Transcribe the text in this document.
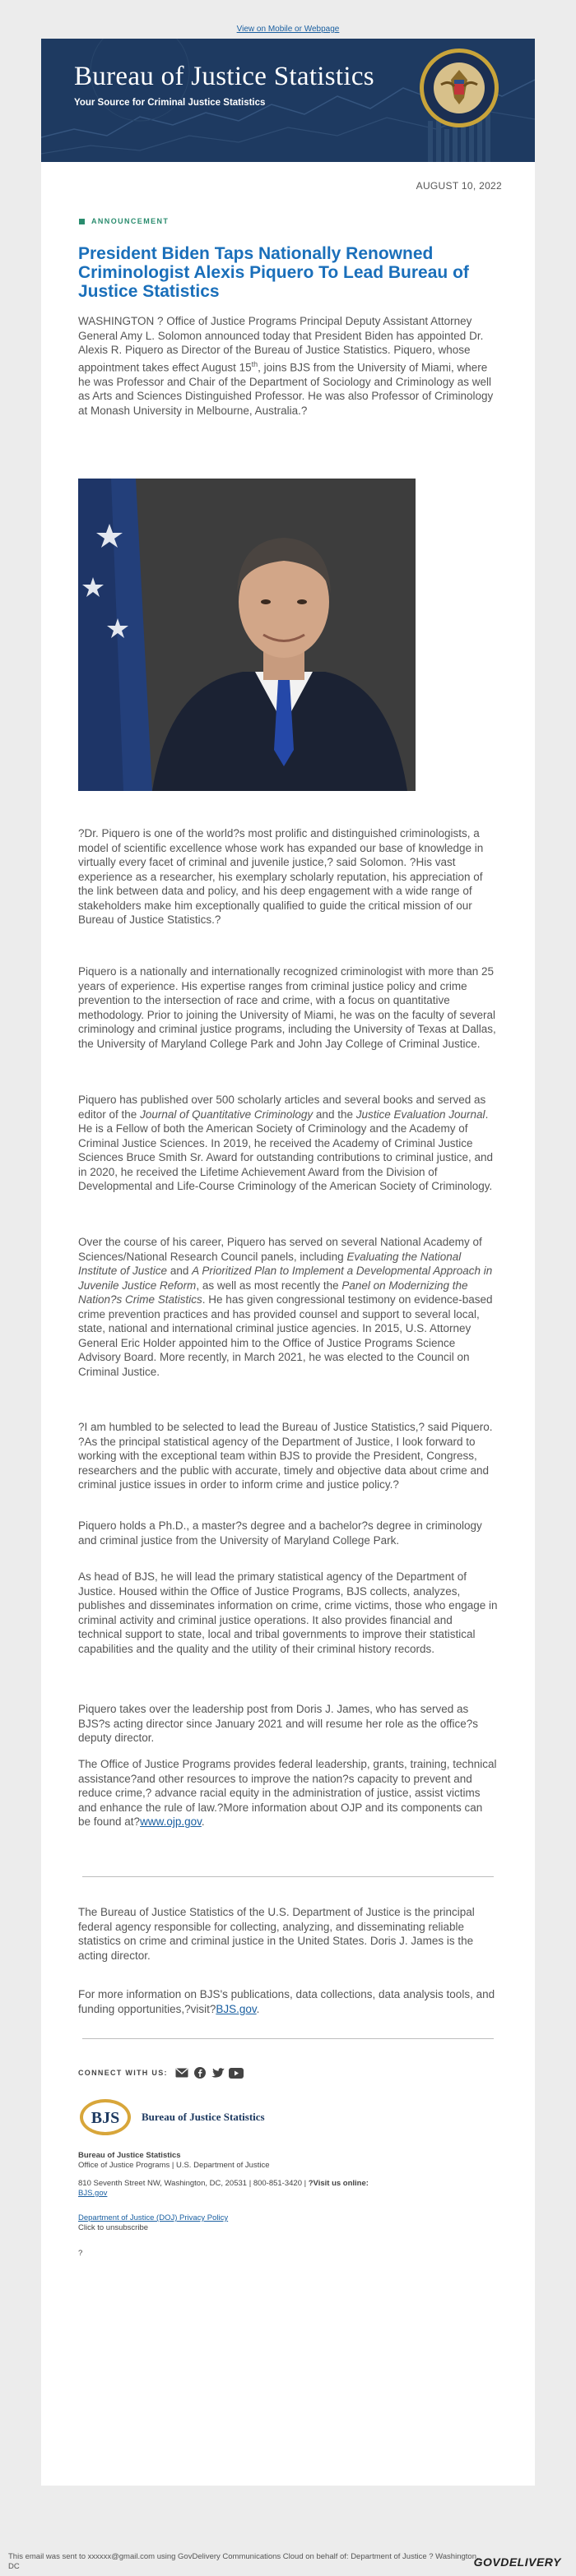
View on Mobile or Webpage
Bureau of Justice Statistics
Your Source for Criminal Justice Statistics
AUGUST 10, 2022
ANNOUNCEMENT
President Biden Taps Nationally Renowned Criminologist Alexis Piquero To Lead Bureau of Justice Statistics

WASHINGTON ? Office of Justice Programs Principal Deputy Assistant Attorney General Amy L. Solomon announced today that President Biden has appointed Dr. Alexis R. Piquero as Director of the Bureau of Justice Statistics. Piquero, whose appointment takes effect August 15th, joins BJS from the University of Miami, where he was Professor and Chair of the Department of Sociology and Criminology as well as Arts and Sciences Distinguished Professor. He was also Professor of Criminology at Monash University in Melbourne, Australia.?

?Dr. Piquero is one of the world?s most prolific and distinguished criminologists, a model of scientific excellence whose work has expanded our base of knowledge in virtually every facet of criminal and juvenile justice,? said Solomon. ?His vast experience as a researcher, his exemplary scholarly reputation, his appreciation of the link between data and policy, and his deep engagement with a wide range of stakeholders make him exceptionally qualified to guide the critical mission of our Bureau of Justice Statistics.?

Piquero is a nationally and internationally recognized criminologist with more than 25 years of experience. His expertise ranges from criminal justice policy and crime prevention to the intersection of race and crime, with a focus on quantitative methodology. Prior to joining the University of Miami, he was on the faculty of several criminology and criminal justice programs, including the University of Texas at Dallas, the University of Maryland College Park and John Jay College of Criminal Justice.

Piquero has published over 500 scholarly articles and several books and served as editor of the Journal of Quantitative Criminology and the Justice Evaluation Journal. He is a Fellow of both the American Society of Criminology and the Academy of Criminal Justice Sciences. In 2019, he received the Academy of Criminal Justice Sciences Bruce Smith Sr. Award for outstanding contributions to criminal justice, and in 2020, he received the Lifetime Achievement Award from the Division of Developmental and Life-Course Criminology of the American Society of Criminology.

Over the course of his career, Piquero has served on several National Academy of Sciences/National Research Council panels, including Evaluating the National Institute of Justice and A Prioritized Plan to Implement a Developmental Approach in Juvenile Justice Reform, as well as most recently the Panel on Modernizing the Nation?s Crime Statistics. He has given congressional testimony on evidence-based crime prevention practices and has provided counsel and support to several local, state, national and international criminal justice agencies. In 2015, U.S. Attorney General Eric Holder appointed him to the Office of Justice Programs Science Advisory Board. More recently, in March 2021, he was elected to the Council on Criminal Justice.

?I am humbled to be selected to lead the Bureau of Justice Statistics,? said Piquero. ?As the principal statistical agency of the Department of Justice, I look forward to working with the exceptional team within BJS to provide the President, Congress, researchers and the public with accurate, timely and objective data about crime and criminal justice issues in order to inform crime and justice policy.?

Piquero holds a Ph.D., a master?s degree and a bachelor?s degree in criminology and criminal justice from the University of Maryland College Park.

As head of BJS, he will lead the primary statistical agency of the Department of Justice. Housed within the Office of Justice Programs, BJS collects, analyzes, publishes and disseminates information on crime, crime victims, those who engage in criminal activity and criminal justice operations. It also provides financial and technical support to state, local and tribal governments to improve their statistical capabilities and the quality and the utility of their criminal history records.

Piquero takes over the leadership post from Doris J. James, who has served as BJS?s acting director since January 2021 and will resume her role as the office?s deputy director.

The Office of Justice Programs provides federal leadership, grants, training, technical assistance?and other resources to improve the nation?s capacity to prevent and reduce crime,? advance racial equity in the administration of justice, assist victims and enhance the rule of law.?More information about OJP and its components can be found at?www.ojp.gov.

The Bureau of Justice Statistics of the U.S. Department of Justice is the principal federal agency responsible for collecting, analyzing, and disseminating reliable statistics on crime and criminal justice in the United States. Doris J. James is the acting director.

For more information on BJS's publications, data collections, data analysis tools, and funding opportunities,?visit?BJS.gov.

CONNECT WITH US:
BJS Bureau of Justice Statistics

Bureau of Justice Statistics

Office of Justice Programs | U.S. Department of Justice

810 Seventh Street NW, Washington, DC, 20531 | 800-851-3420 | ?Visit us online:
BJS.gov

Department of Justice (DOJ) Privacy Policy

Click to unsubscribe

?

This email was sent to xxxxxx@gmail.com using GovDelivery Communications Cloud on behalf of: Department of Justice ? Washington, DC	GOVDELIVERY
